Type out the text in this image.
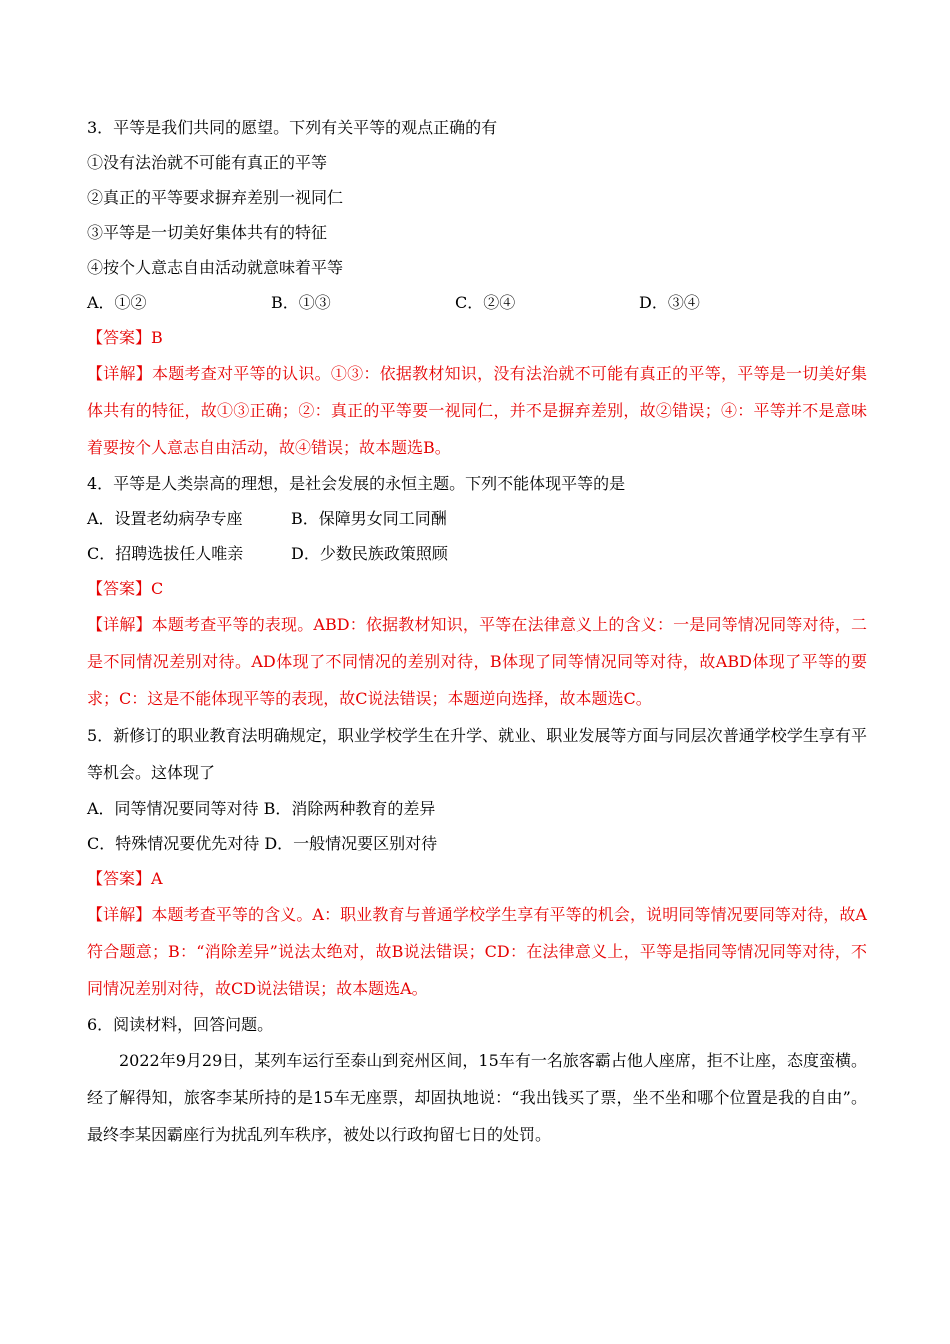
3．平等是我们共同的愿望。下列有关平等的观点正确的有
①没有法治就不可能有真正的平等
②真正的平等要求摒弃差别一视同仁
③平等是一切美好集体共有的特征
④按个人意志自由活动就意味着平等
A．①②	B．①③	C．②④	D．③④
【答案】B
【详解】本题考查对平等的认识。①③：依据教材知识，没有法治就不可能有真正的平等，平等是一切美好集体共有的特征，故①③正确；②：真正的平等要一视同仁，并不是摒弃差别，故②错误；④：平等并不是意味着要按个人意志自由活动，故④错误；故本题选B。
4．平等是人类崇高的理想，是社会发展的永恒主题。下列不能体现平等的是
A．设置老幼病孕专座	B．保障男女同工同酬
C．招聘选拔任人唯亲	D．少数民族政策照顾
【答案】C
【详解】本题考查平等的表现。ABD：依据教材知识，平等在法律意义上的含义：一是同等情况同等对待，二是不同情况差别对待。AD体现了不同情况的差别对待，B体现了同等情况同等对待，故ABD体现了平等的要求；C：这是不能体现平等的表现，故C说法错误；本题逆向选择，故本题选C。
5．新修订的职业教育法明确规定，职业学校学生在升学、就业、职业发展等方面与同层次普通学校学生享有平等机会。这体现了
A．同等情况要同等对待 B．消除两种教育的差异
C．特殊情况要优先对待 D．一般情况要区别对待
【答案】A
【详解】本题考查平等的含义。A：职业教育与普通学校学生享有平等的机会，说明同等情况要同等对待，故A符合题意；B：“消除差异”说法太绝对，故B说法错误；CD：在法律意义上，平等是指同等情况同等对待，不同情况差别对待，故CD说法错误；故本题选A。
6．阅读材料，回答问题。
2022年9月29日，某列车运行至泰山到兖州区间，15车有一名旅客霸占他人座席，拒不让座，态度蛮横。经了解得知，旅客李某所持的是15车无座票，却固执地说：“我出钱买了票，坐不坐和哪个位置是我的自由”。最终李某因霸座行为扰乱列车秩序，被处以行政拘留七日的处罚。
